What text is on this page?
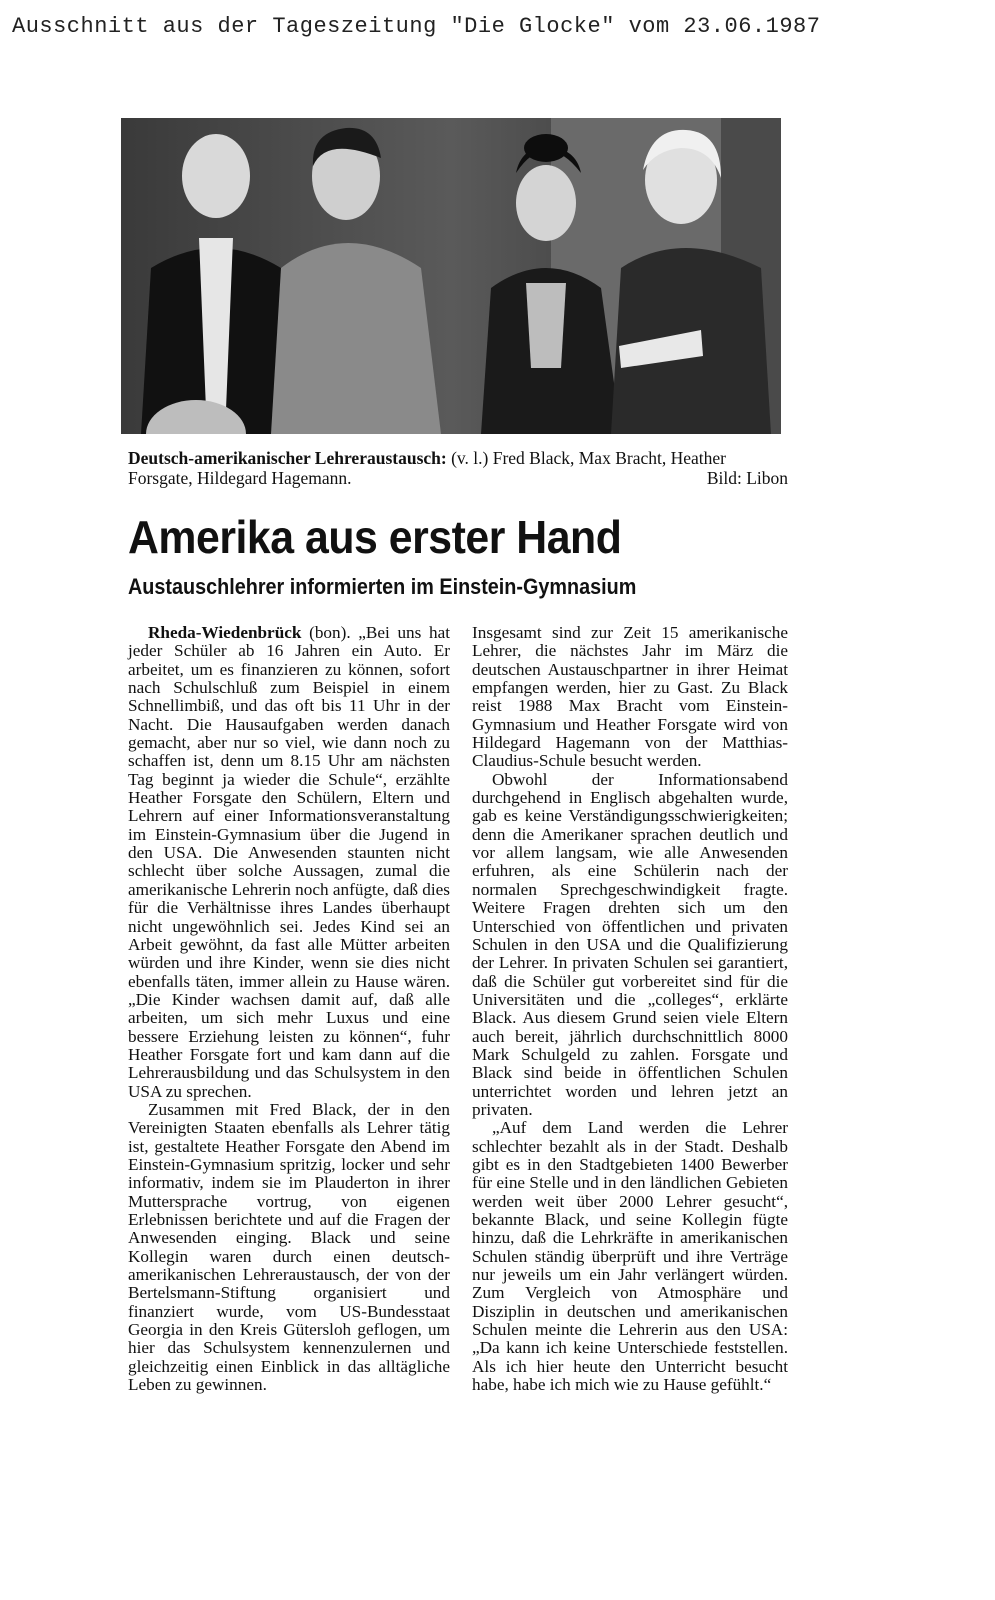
Ausschnitt aus der Tageszeitung "Die Glocke" vom 23.06.1987
Deutsch-amerikanischer Lehreraustausch: (v. l.) Fred Black, Max Bracht, Heather Forsgate, Hildegard Hagemann.	Bild: Libon
Amerika aus erster Hand
Austauschlehrer informierten im Einstein-Gymnasium

Rheda-Wiedenbrück (bon). „Bei uns hat jeder Schüler ab 16 Jahren ein Auto. Er arbeitet, um es finanzieren zu können, sofort nach Schulschluß zum Beispiel in einem Schnellimbiß, und das oft bis 11 Uhr in der Nacht. Die Hausaufgaben werden danach gemacht, aber nur so viel, wie dann noch zu schaffen ist, denn um 8.15 Uhr am nächsten Tag beginnt ja wieder die Schule“, erzählte Heather Forsgate den Schülern, Eltern und Lehrern auf einer Informationsveranstaltung im Einstein-Gymnasium über die Jugend in den USA. Die Anwesenden staunten nicht schlecht über solche Aussagen, zumal die amerikanische Lehrerin noch anfügte, daß dies für die Verhältnisse ihres Landes überhaupt nicht ungewöhnlich sei. Jedes Kind sei an Arbeit gewöhnt, da fast alle Mütter arbeiten würden und ihre Kinder, wenn sie dies nicht ebenfalls täten, immer allein zu Hause wären. „Die Kinder wachsen damit auf, daß alle arbeiten, um sich mehr Luxus und eine bessere Erziehung leisten zu können“, fuhr Heather Forsgate fort und kam dann auf die Lehrerausbildung und das Schulsystem in den USA zu sprechen.

Zusammen mit Fred Black, der in den Vereinigten Staaten ebenfalls als Lehrer tätig ist, gestaltete Heather Forsgate den Abend im Einstein-Gymnasium spritzig, locker und sehr informativ, indem sie im Plauderton in ihrer Muttersprache vortrug, von eigenen Erlebnissen berichtete und auf die Fragen der Anwesenden einging. Black und seine Kollegin waren durch einen deutsch-amerikanischen Lehreraustausch, der von der Bertelsmann-Stiftung organisiert und finanziert wurde, vom US-Bundesstaat Georgia in den Kreis Gütersloh geflogen, um hier das Schulsystem kennenzulernen und gleichzeitig einen Einblick in das alltägliche Leben zu gewinnen.

Insgesamt sind zur Zeit 15 amerikanische Lehrer, die nächstes Jahr im März die deutschen Austauschpartner in ihrer Heimat empfangen werden, hier zu Gast. Zu Black reist 1988 Max Bracht vom Einstein-Gymnasium und Heather Forsgate wird von Hildegard Hagemann von der Matthias-Claudius-Schule besucht werden.

Obwohl der Informationsabend durchgehend in Englisch abgehalten wurde, gab es keine Verständigungsschwierigkeiten; denn die Amerikaner sprachen deutlich und vor allem langsam, wie alle Anwesenden erfuhren, als eine Schülerin nach der normalen Sprechgeschwindigkeit fragte. Weitere Fragen drehten sich um den Unterschied von öffentlichen und privaten Schulen in den USA und die Qualifizierung der Lehrer. In privaten Schulen sei garantiert, daß die Schüler gut vorbereitet sind für die Universitäten und die „colleges“, erklärte Black. Aus diesem Grund seien viele Eltern auch bereit, jährlich durchschnittlich 8000 Mark Schulgeld zu zahlen. Forsgate und Black sind beide in öffentlichen Schulen unterrichtet worden und lehren jetzt an privaten.

„Auf dem Land werden die Lehrer schlechter bezahlt als in der Stadt. Deshalb gibt es in den Stadtgebieten 1400 Bewerber für eine Stelle und in den ländlichen Gebieten werden weit über 2000 Lehrer gesucht“, bekannte Black, und seine Kollegin fügte hinzu, daß die Lehrkräfte in amerikanischen Schulen ständig überprüft und ihre Verträge nur jeweils um ein Jahr verlängert würden. Zum Vergleich von Atmosphäre und Disziplin in deutschen und amerikanischen Schulen meinte die Lehrerin aus den USA: „Da kann ich keine Unterschiede feststellen. Als ich hier heute den Unterricht besucht habe, habe ich mich wie zu Hause gefühlt.“
